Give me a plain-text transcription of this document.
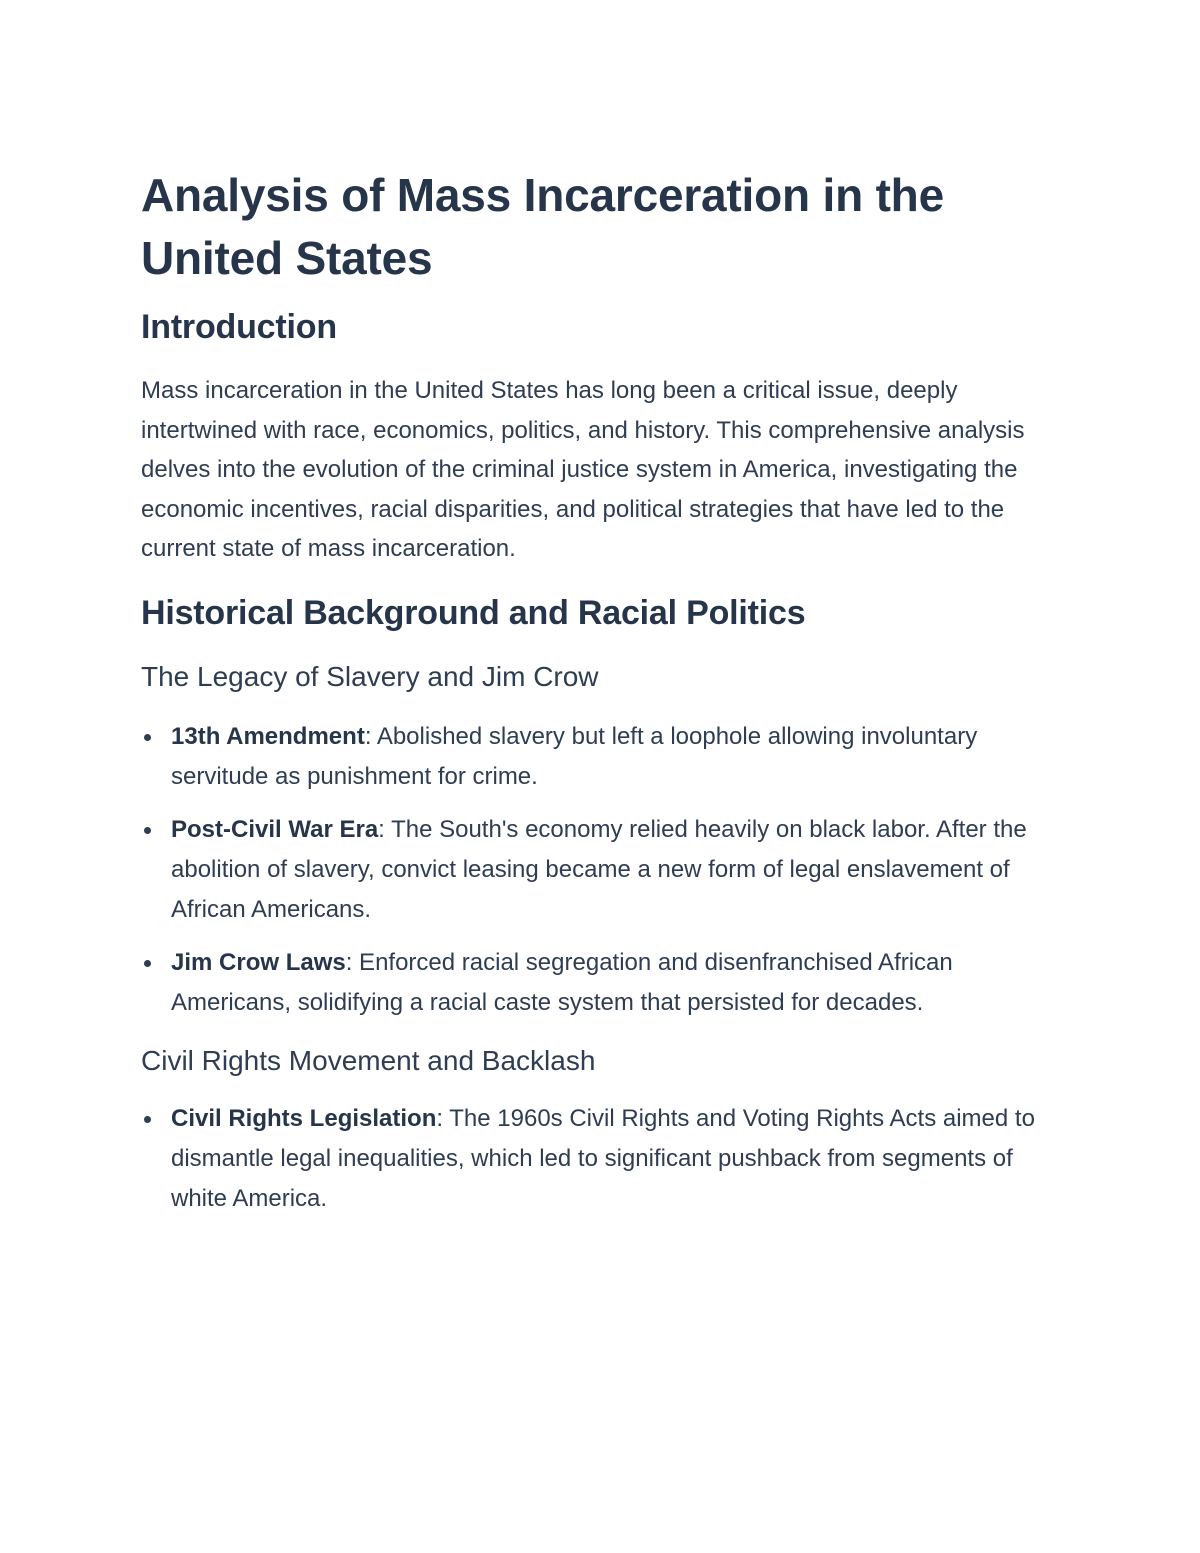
Analysis of Mass Incarceration in the United States
Introduction

Mass incarceration in the United States has long been a critical issue, deeply intertwined with race, economics, politics, and history. This comprehensive analysis delves into the evolution of the criminal justice system in America, investigating the economic incentives, racial disparities, and political strategies that have led to the current state of mass incarceration.

Historical Background and Racial Politics
The Legacy of Slavery and Jim Crow
13th Amendment: Abolished slavery but left a loophole allowing involuntary servitude as punishment for crime.
Post-Civil War Era: The South's economy relied heavily on black labor. After the abolition of slavery, convict leasing became a new form of legal enslavement of African Americans.
Jim Crow Laws: Enforced racial segregation and disenfranchised African Americans, solidifying a racial caste system that persisted for decades.
Civil Rights Movement and Backlash
Civil Rights Legislation: The 1960s Civil Rights and Voting Rights Acts aimed to dismantle legal inequalities, which led to significant pushback from segments of white America.
